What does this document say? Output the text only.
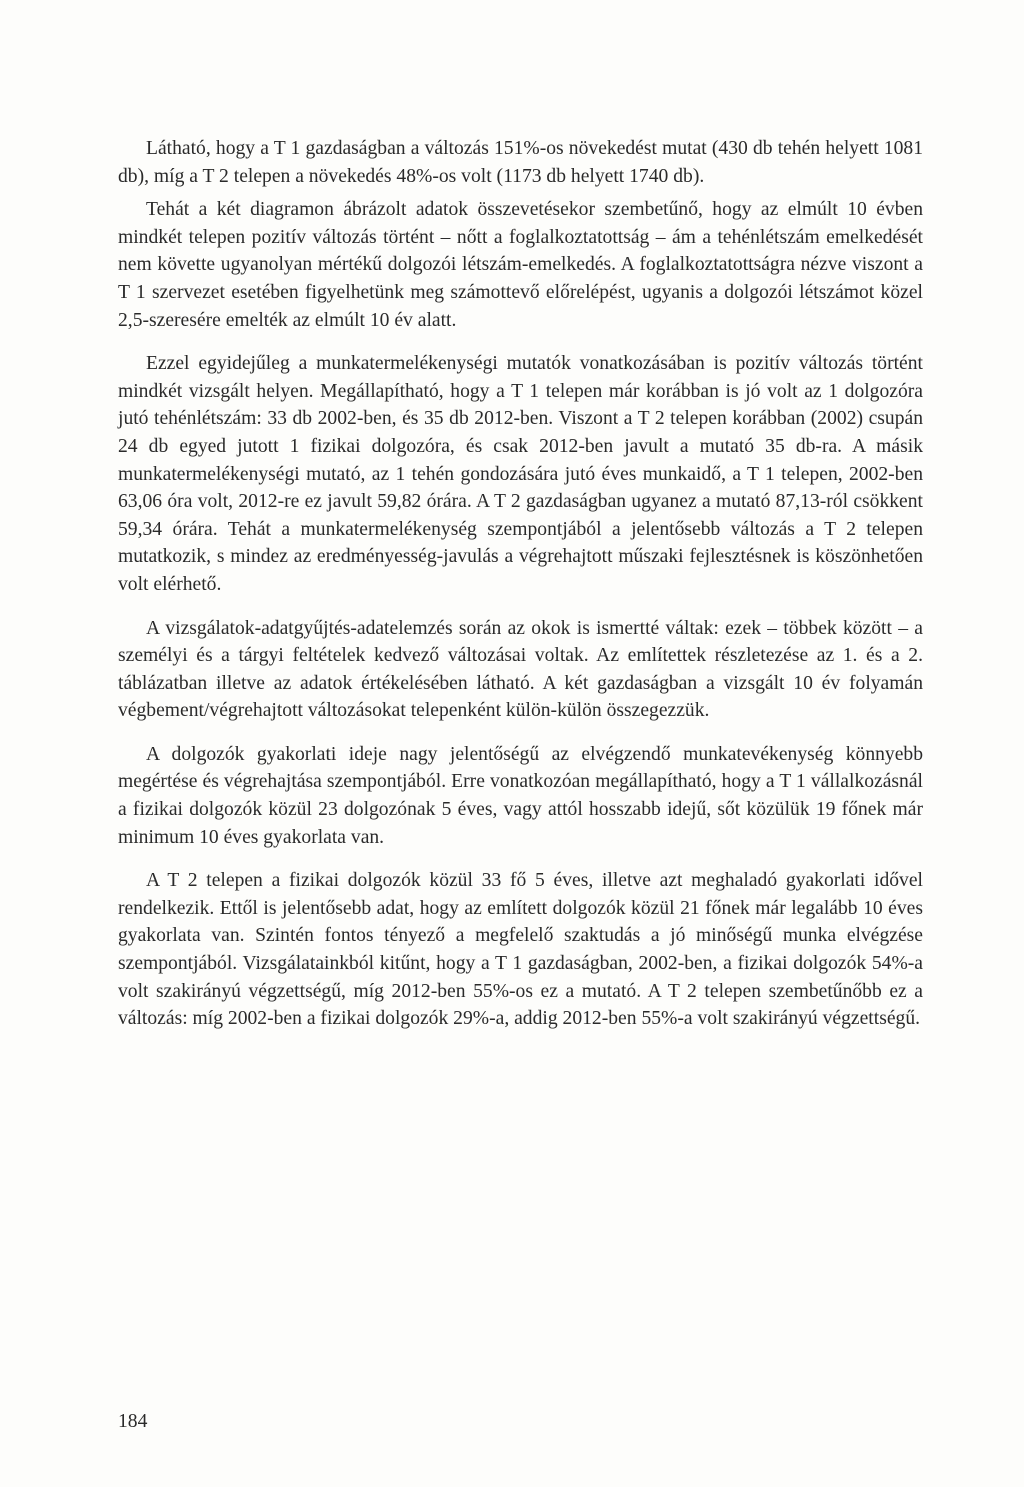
Látható, hogy a T 1 gazdaságban a változás 151%-os növekedést mutat (430 db tehén helyett 1081 db), míg a T 2 telepen a növekedés 48%-os volt (1173 db helyett 1740 db).

Tehát a két diagramon ábrázolt adatok összevetésekor szembetűnő, hogy az elmúlt 10 évben mindkét telepen pozitív változás történt – nőtt a foglalkoztatottság – ám a tehénlétszám emelkedését nem követte ugyanolyan mértékű dolgozói létszám-emelkedés. A foglalkoztatottságra nézve viszont a T 1 szervezet esetében figyelhetünk meg számottevő előrelépést, ugyanis a dolgozói létszámot közel 2,5-szeresére emelték az elmúlt 10 év alatt.

Ezzel egyidejűleg a munkatermelékenységi mutatók vonatkozásában is pozitív változás történt mindkét vizsgált helyen. Megállapítható, hogy a T 1 telepen már korábban is jó volt az 1 dolgozóra jutó tehénlétszám: 33 db 2002-ben, és 35 db 2012-ben. Viszont a T 2 telepen korábban (2002) csupán 24 db egyed jutott 1 fizikai dolgozóra, és csak 2012-ben javult a mutató 35 db-ra. A másik munkatermelékenységi mutató, az 1 tehén gondozására jutó éves munkaidő, a T 1 telepen, 2002-ben 63,06 óra volt, 2012-re ez javult 59,82 órára. A T 2 gazdaságban ugyanez a mutató 87,13-ról csökkent 59,34 órára. Tehát a munkatermelékenység szempontjából a jelentősebb változás a T 2 telepen mutatkozik, s mindez az eredményesség-javulás a végrehajtott műszaki fejlesztésnek is köszönhetően volt elérhető.

A vizsgálatok-adatgyűjtés-adatelemzés során az okok is ismertté váltak: ezek – többek között – a személyi és a tárgyi feltételek kedvező változásai voltak. Az említettek részletezése az 1. és a 2. táblázatban illetve az adatok értékelésében látható. A két gazdaságban a vizsgált 10 év folyamán végbement/végrehajtott változásokat telepenként külön-külön összegezzük.

A dolgozók gyakorlati ideje nagy jelentőségű az elvégzendő munkatevékenység könnyebb megértése és végrehajtása szempontjából. Erre vonatkozóan megállapítható, hogy a T 1 vállalkozásnál a fizikai dolgozók közül 23 dolgozónak 5 éves, vagy attól hosszabb idejű, sőt közülük 19 főnek már minimum 10 éves gyakorlata van.

A T 2 telepen a fizikai dolgozók közül 33 fő 5 éves, illetve azt meghaladó gyakorlati idővel rendelkezik. Ettől is jelentősebb adat, hogy az említett dolgozók közül 21 főnek már legalább 10 éves gyakorlata van. Szintén fontos tényező a megfelelő szaktudás a jó minőségű munka elvégzése szempontjából. Vizsgálatainkból kitűnt, hogy a T 1 gazdaságban, 2002-ben, a fizikai dolgozók 54%-a volt szakirányú végzettségű, míg 2012-ben 55%-os ez a mutató. A T 2 telepen szembetűnőbb ez a változás: míg 2002-ben a fizikai dolgozók 29%-a, addig 2012-ben 55%-a volt szakirányú végzettségű.

184
